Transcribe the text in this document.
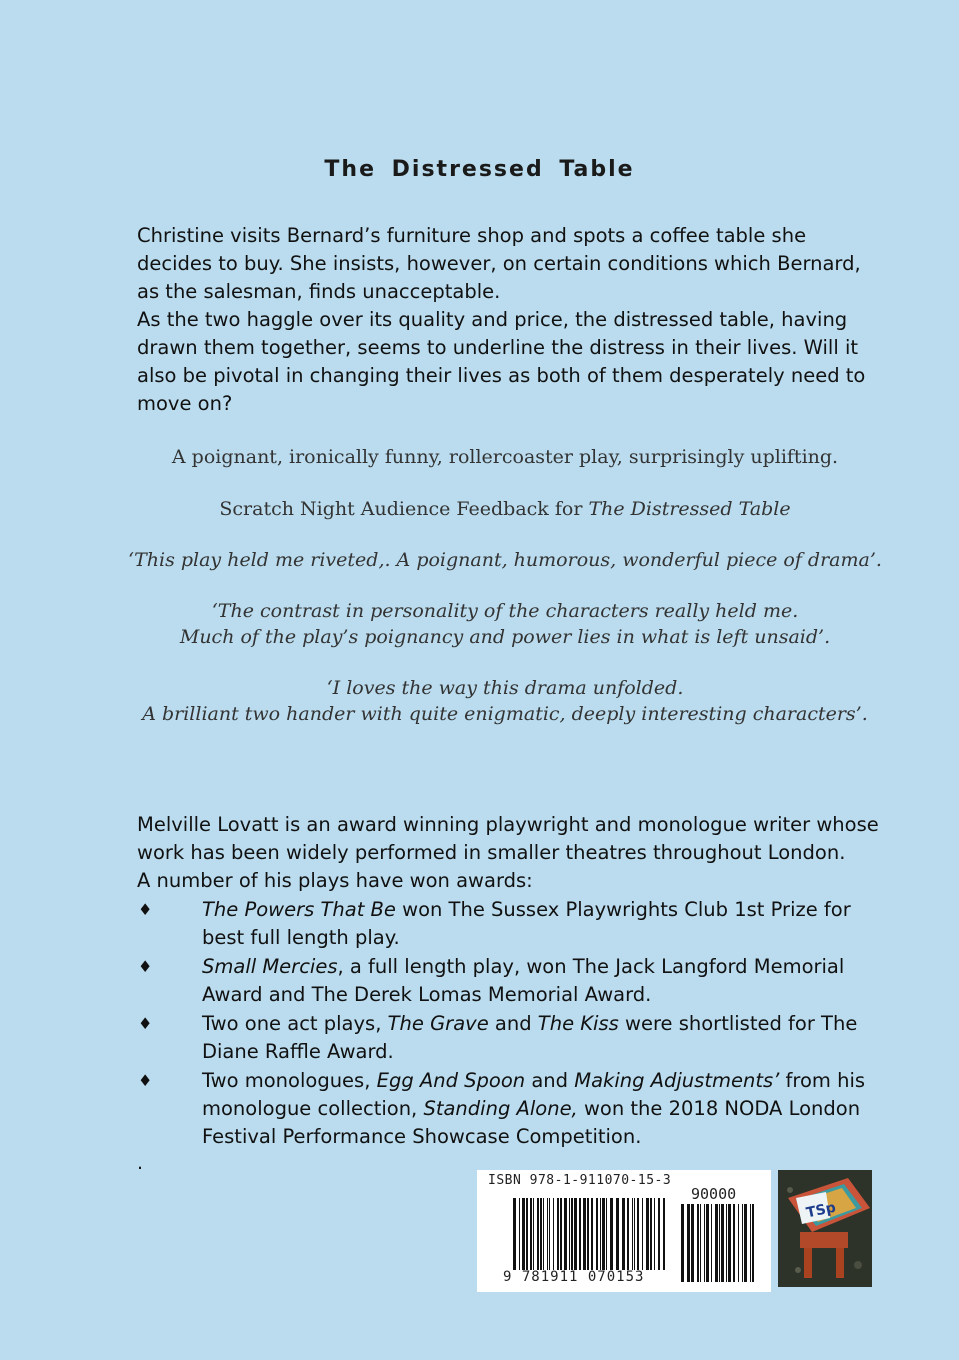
The Distressed Table

Christine visits Bernard’s furniture shop and spots a coffee table she decides to buy. She insists, however, on certain conditions which Bernard, as the salesman, finds unacceptable.

As the two haggle over its quality and price, the distressed table, having drawn them together, seems to underline the distress in their lives. Will it also be pivotal in changing their lives as both of them desperately need to move on?

A poignant, ironically funny, rollercoaster play, surprisingly uplifting.
Scratch Night Audience Feedback for The Distressed Table
‘This play held me riveted,. A poignant, humorous, wonderful piece of drama’.
‘The contrast in personality of the characters really held me.
Much of the play’s poignancy and power lies in what is left unsaid’.
‘I loves the way this drama unfolded.
A brilliant two hander with quite enigmatic, deeply interesting characters’.

Melville Lovatt is an award winning playwright and monologue writer whose work has been widely performed in smaller theatres throughout London.

A number of his plays have won awards:

♦	The Powers That Be won The Sussex Playwrights Club 1st Prize for best full length play.
♦	Small Mercies, a full length play, won The Jack Langford Memorial Award and The Derek Lomas Memorial Award.
♦	Two one act plays, The Grave and The Kiss were shortlisted for The Diane Raffle Award.
♦	Two monologues, Egg And Spoon and Making Adjustments’ from his monologue collection, Standing Alone, won the 2018 NODA London Festival Performance Showcase Competition.
.
ISBN 978-1-911070-15-3
90000
9 781911 070153
TSp
